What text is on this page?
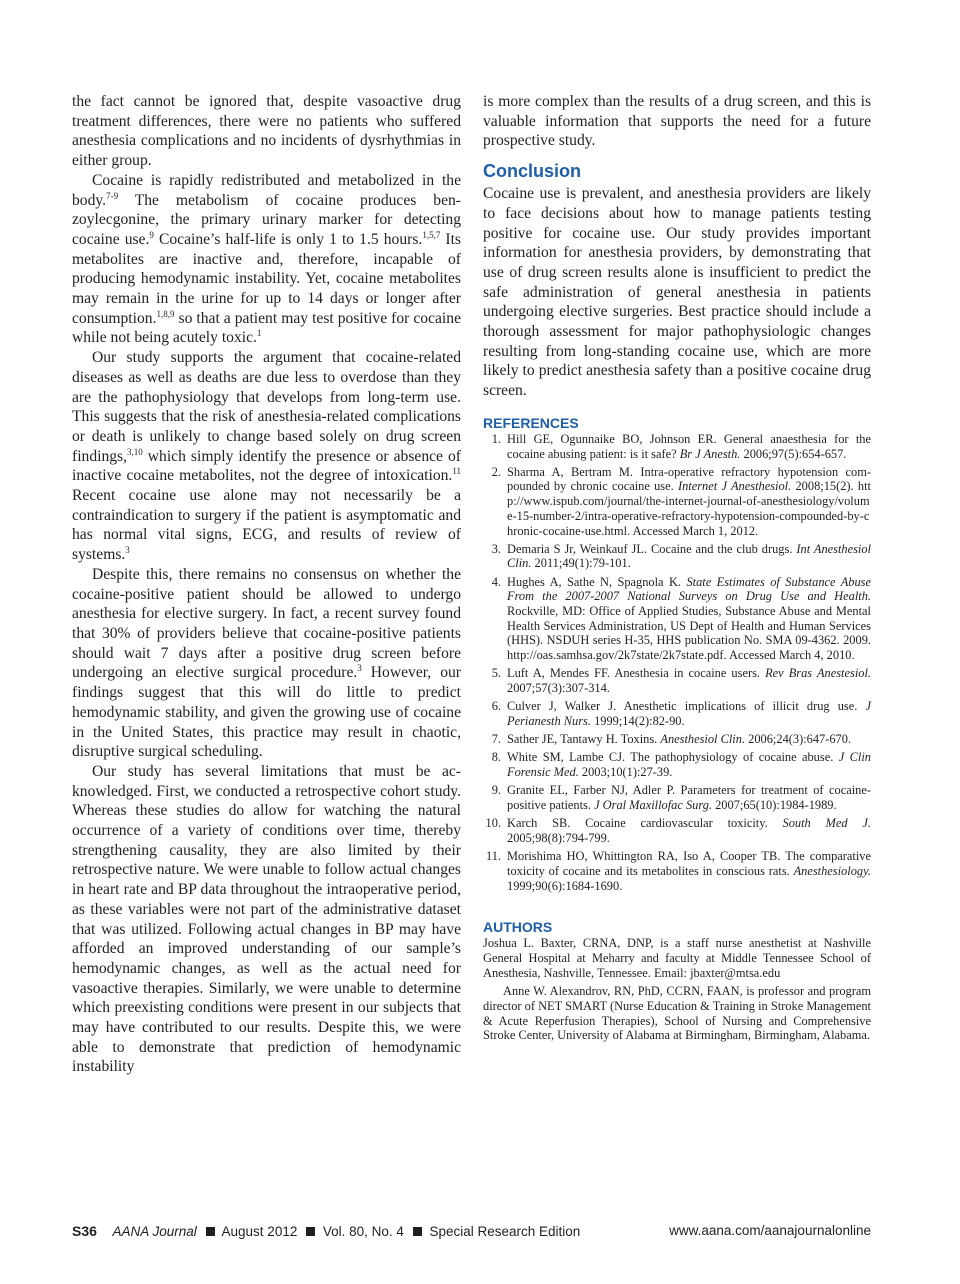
the fact cannot be ignored that, despite vasoactive drug treatment differences, there were no patients who suffered anesthesia complications and no incidents of dysrhythmias in either group.

Cocaine is rapidly redistributed and metabolized in the body.$^{7-9}$ The metabolism of cocaine produces benzoylecgonine, the primary urinary marker for detecting cocaine use.$^9$ Cocaine’s half-life is only 1 to 1.5 hours.$^{1,5,7}$ Its metabolites are inactive and, therefore, incapable of producing hemodynamic instability. Yet, cocaine metabolites may remain in the urine for up to 14 days or longer after consumption.$^{1,8,9}$ so that a patient may test positive for cocaine while not being acutely toxic.$^1$

Our study supports the argument that cocaine-related diseases as well as deaths are due less to overdose than they are the pathophysiology that develops from long-term use. This suggests that the risk of anesthesia-related complications or death is unlikely to change based solely on drug screen findings,$^{3,10}$ which simply identify the presence or absence of inactive cocaine metabolites, not the degree of intoxication.$^{11}$ Recent cocaine use alone may not necessarily be a contraindication to surgery if the patient is asymptomatic and has normal vital signs, ECG, and results of review of systems.$^3$

Despite this, there remains no consensus on whether the cocaine-positive patient should be allowed to undergo anesthesia for elective surgery. In fact, a recent survey found that 30% of providers believe that cocaine-positive patients should wait 7 days after a positive drug screen before undergoing an elective surgical procedure.$^3$ However, our findings suggest that this will do little to predict hemodynamic stability, and given the growing use of cocaine in the United States, this practice may result in chaotic, disruptive surgical scheduling.

Our study has several limitations that must be acknowledged. First, we conducted a retrospective cohort study. Whereas these studies do allow for watching the natural occurrence of a variety of conditions over time, thereby strengthening causality, they are also limited by their retrospective nature. We were unable to follow actual changes in heart rate and BP data throughout the intraoperative period, as these variables were not part of the administrative dataset that was utilized. Following actual changes in BP may have afforded an improved understanding of our sample’s hemodynamic changes, as well as the actual need for vasoactive therapies. Similarly, we were unable to determine which preexisting conditions were present in our subjects that may have contributed to our results. Despite this, we were able to demonstrate that prediction of hemodynamic instability

is more complex than the results of a drug screen, and this is valuable information that supports the need for a future prospective study.

Conclusion

Cocaine use is prevalent, and anesthesia providers are likely to face decisions about how to manage patients testing positive for cocaine use. Our study provides important information for anesthesia providers, by demonstrating that use of drug screen results alone is insufficient to predict the safe administration of general anesthesia in patients undergoing elective surgeries. Best practice should include a thorough assessment for major pathophysiologic changes resulting from long-standing cocaine use, which are more likely to predict anesthesia safety than a positive cocaine drug screen.

REFERENCES
1. Hill GE, Ogunnaike BO, Johnson ER. General anaesthesia for the cocaine abusing patient: is it safe? Br J Anesth. 2006;97(5):654-657.
2. Sharma A, Bertram M. Intra-operative refractory hypotension compounded by chronic cocaine use. Internet J Anesthesiol. 2008;15(2). http://www.ispub.com/journal/the-internet-journal-of-anesthesiology/volume-15-number-2/intra-operative-refractory-hypotension-compounded-by-chronic-cocaine-use.html. Accessed March 1, 2012.
3. Demaria S Jr, Weinkauf JL. Cocaine and the club drugs. Int Anesthesiol Clin. 2011;49(1):79-101.
4. Hughes A, Sathe N, Spagnola K. State Estimates of Substance Abuse From the 2007-2007 National Surveys on Drug Use and Health. Rockville, MD: Office of Applied Studies, Substance Abuse and Mental Health Services Administration, US Dept of Health and Human Services (HHS). NSDUH series H-35, HHS publication No. SMA 09-4362. 2009. http://oas.samhsa.gov/2k7state/2k7state.pdf. Accessed March 4, 2010.
5. Luft A, Mendes FF. Anesthesia in cocaine users. Rev Bras Anestesiol. 2007;57(3):307-314.
6. Culver J, Walker J. Anesthetic implications of illicit drug use. J Perianesth Nurs. 1999;14(2):82-90.
7. Sather JE, Tantawy H. Toxins. Anesthesiol Clin. 2006;24(3):647-670.
8. White SM, Lambe CJ. The pathophysiology of cocaine abuse. J Clin Forensic Med. 2003;10(1):27-39.
9. Granite EL, Farber NJ, Adler P. Parameters for treatment of cocaine-positive patients. J Oral Maxillofac Surg. 2007;65(10):1984-1989.
10. Karch SB. Cocaine cardiovascular toxicity. South Med J. 2005;98(8):794-799.
11. Morishima HO, Whittington RA, Iso A, Cooper TB. The comparative toxicity of cocaine and its metabolites in conscious rats. Anesthesiology. 1999;90(6):1684-1690.
AUTHORS

Joshua L. Baxter, CRNA, DNP, is a staff nurse anesthetist at Nashville General Hospital at Meharry and faculty at Middle Tennessee School of Anesthesia, Nashville, Tennessee. Email: jbaxter@mtsa.edu

Anne W. Alexandrov, RN, PhD, CCRN, FAAN, is professor and program director of NET SMART (Nurse Education & Training in Stroke Management & Acute Reperfusion Therapies), School of Nursing and Comprehensive Stroke Center, University of Alabama at Birmingham, Birmingham, Alabama.

S36 AANA Journal August 2012 Vol. 80, No. 4 Special Research Edition	www.aana.com/aanajournalonline
